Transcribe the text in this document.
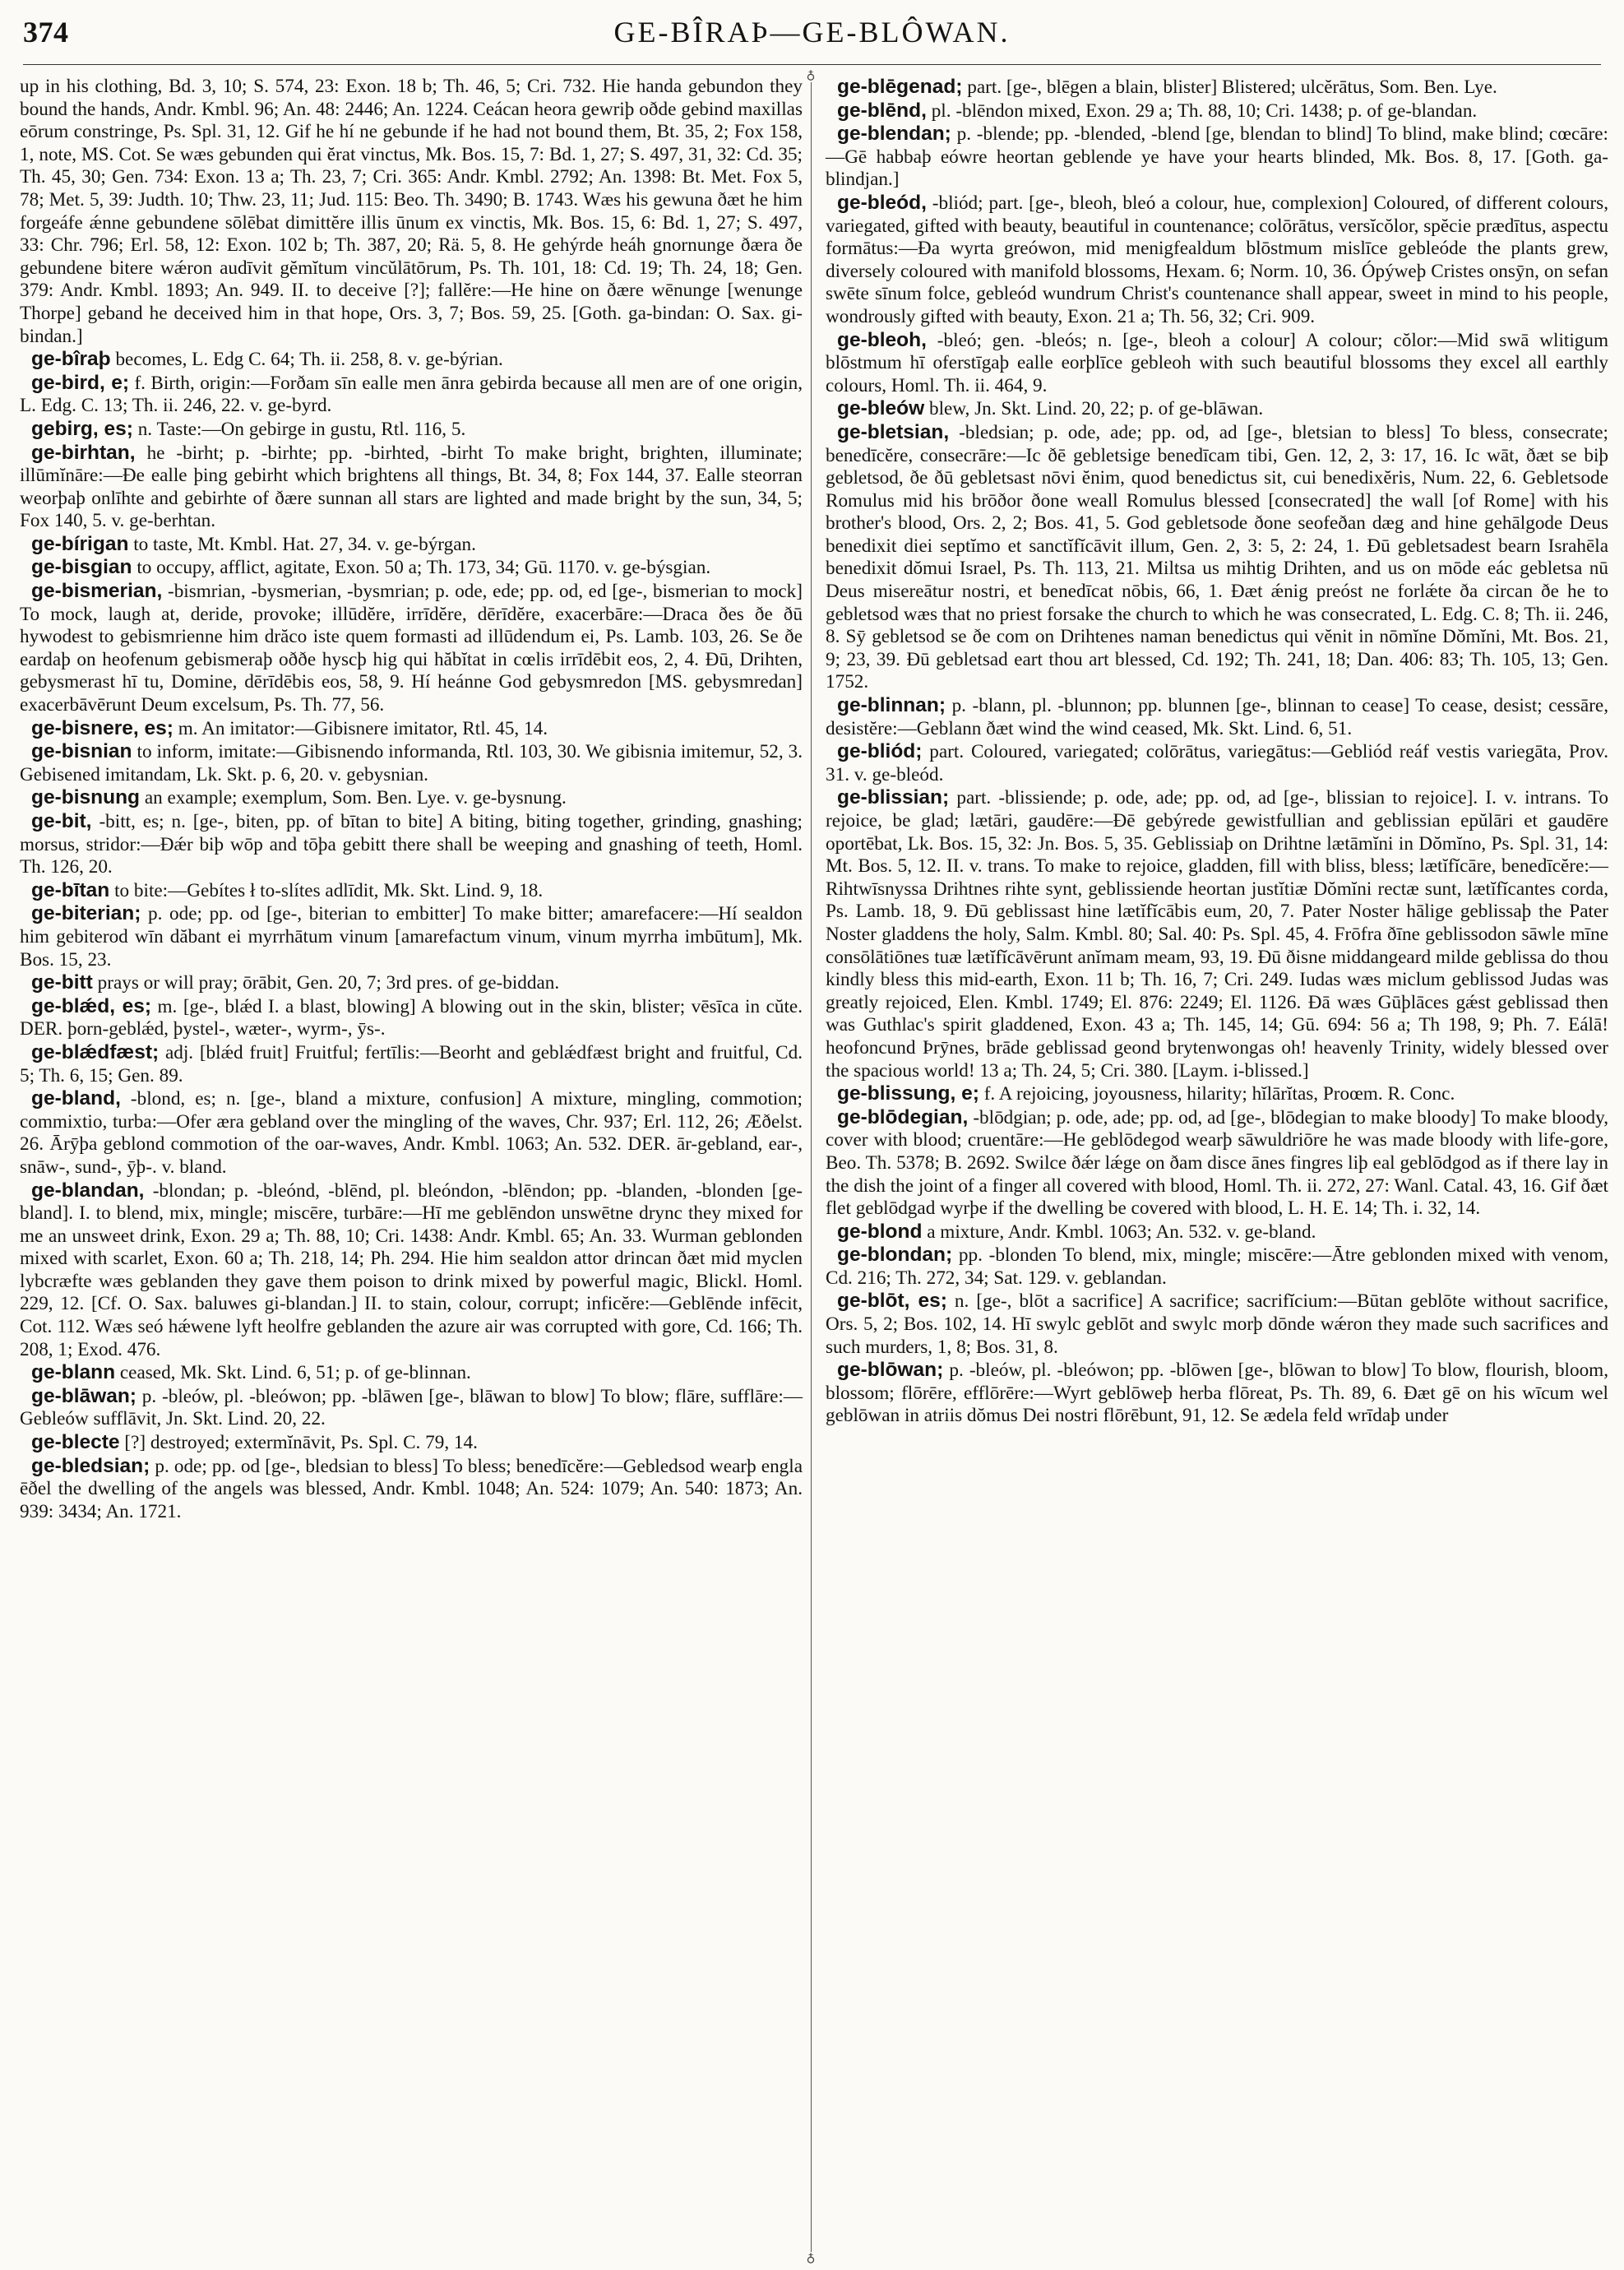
374	GE-BÎRAÞ—GE-BLÔWAN.
♁
♁

up in his clothing, Bd. 3, 10; S. 574, 23: Exon. 18 b; Th. 46, 5; Cri. 732. Hie handa gebundon they bound the hands, Andr. Kmbl. 96; An. 48: 2446; An. 1224. Ceácan heora gewriþ oðde gebind maxillas eōrum constringe, Ps. Spl. 31, 12. Gif he hí ne gebunde if he had not bound them, Bt. 35, 2; Fox 158, 1, note, MS. Cot. Se wæs gebunden qui ĕrat vinctus, Mk. Bos. 15, 7: Bd. 1, 27; S. 497, 31, 32: Cd. 35; Th. 45, 30; Gen. 734: Exon. 13 a; Th. 23, 7; Cri. 365: Andr. Kmbl. 2792; An. 1398: Bt. Met. Fox 5, 78; Met. 5, 39: Judth. 10; Thw. 23, 11; Jud. 115: Beo. Th. 3490; B. 1743. Wæs his gewuna ðæt he him forgeáfe ǽnne gebundene sōlēbat dimittĕre illis ūnum ex vinctis, Mk. Bos. 15, 6: Bd. 1, 27; S. 497, 33: Chr. 796; Erl. 58, 12: Exon. 102 b; Th. 387, 20; Rä. 5, 8. He gehýrde heáh gnornunge ðæra ðe gebundene bitere wǽron audīvit gĕmĭtum vincŭlātōrum, Ps. Th. 101, 18: Cd. 19; Th. 24, 18; Gen. 379: Andr. Kmbl. 1893; An. 949. II. to deceive [?]; fallĕre:—He hine on ðære wēnunge [wenunge Thorpe] geband he deceived him in that hope, Ors. 3, 7; Bos. 59, 25. [Goth. ga-bindan: O. Sax. gi-bindan.]

ge-bîraþ becomes, L. Edg C. 64; Th. ii. 258, 8. v. ge-býrian.

ge-bird, e; f. Birth, origin:—Forðam sīn ealle men ānra gebirda because all men are of one origin, L. Edg. C. 13; Th. ii. 246, 22. v. ge-byrd.

gebirg, es; n. Taste:—On gebirge in gustu, Rtl. 116, 5.

ge-birhtan, he -birht; p. -birhte; pp. -birhted, -birht To make bright, brighten, illuminate; illūmĭnāre:—Ðe ealle þing gebirht which brightens all things, Bt. 34, 8; Fox 144, 37. Ealle steorran weorþaþ onlīhte and gebirhte of ðære sunnan all stars are lighted and made bright by the sun, 34, 5; Fox 140, 5. v. ge-berhtan.

ge-bírigan to taste, Mt. Kmbl. Hat. 27, 34. v. ge-býrgan.

ge-bisgian to occupy, afflict, agitate, Exon. 50 a; Th. 173, 34; Gū. 1170. v. ge-býsgian.

ge-bismerian, -bismrian, -bysmerian, -bysmrian; p. ode, ede; pp. od, ed [ge-, bismerian to mock] To mock, laugh at, deride, provoke; illūdĕre, irrīdĕre, dērīdĕre, exacerbāre:—Draca ðes ðe ðū hywodest to gebismrienne him drăco iste quem formasti ad illūdendum ei, Ps. Lamb. 103, 26. Se ðe eardaþ on heofenum gebismeraþ oððe hyscþ hig qui hăbĭtat in cœlis irrīdēbit eos, 2, 4. Ðū, Drihten, gebysmerast hī tu, Domine, dērīdēbis eos, 58, 9. Hí heánne God gebysmredon [MS. gebysmredan] exacerbāvērunt Deum excelsum, Ps. Th. 77, 56.

ge-bisnere, es; m. An imitator:—Gibisnere imitator, Rtl. 45, 14.

ge-bisnian to inform, imitate:—Gibisnendo informanda, Rtl. 103, 30. We gibisnia imitemur, 52, 3. Gebisened imitandam, Lk. Skt. p. 6, 20. v. gebysnian.

ge-bisnung an example; exemplum, Som. Ben. Lye. v. ge-bysnung.

ge-bit, -bitt, es; n. [ge-, biten, pp. of bītan to bite] A biting, biting together, grinding, gnashing; morsus, stridor:—Ðǽr biþ wōp and tōþa gebitt there shall be weeping and gnashing of teeth, Homl. Th. 126, 20.

ge-bītan to bite:—Gebítes ł to-slítes adlīdit, Mk. Skt. Lind. 9, 18.

ge-biterian; p. ode; pp. od [ge-, biterian to embitter] To make bitter; amarefacere:—Hí sealdon him gebiterod wīn dăbant ei myrrhātum vinum [amarefactum vinum, vinum myrrha imbūtum], Mk. Bos. 15, 23.

ge-bitt prays or will pray; ōrābit, Gen. 20, 7; 3rd pres. of ge-biddan.

ge-blǽd, es; m. [ge-, blǽd I. a blast, blowing] A blowing out in the skin, blister; vēsīca in cŭte. DER. þorn-geblǽd, þystel-, wæter-, wyrm-, ȳs-.

ge-blǽdfæst; adj. [blǽd fruit] Fruitful; fertīlis:—Beorht and geblǽdfæst bright and fruitful, Cd. 5; Th. 6, 15; Gen. 89.

ge-bland, -blond, es; n. [ge-, bland a mixture, confusion] A mixture, mingling, commotion; commixtio, turba:—Ofer æra gebland over the mingling of the waves, Chr. 937; Erl. 112, 26; Æðelst. 26. Ārȳþa geblond commotion of the oar-waves, Andr. Kmbl. 1063; An. 532. DER. ār-gebland, ear-, snāw-, sund-, ȳþ-. v. bland.

ge-blandan, -blondan; p. -bleónd, -blēnd, pl. bleóndon, -blēndon; pp. -blanden, -blonden [ge-bland]. I. to blend, mix, mingle; miscēre, turbāre:—Hī me geblēndon unswētne drync they mixed for me an unsweet drink, Exon. 29 a; Th. 88, 10; Cri. 1438: Andr. Kmbl. 65; An. 33. Wurman geblonden mixed with scarlet, Exon. 60 a; Th. 218, 14; Ph. 294. Hie him sealdon attor drincan ðæt mid myclen lybcræfte wæs geblanden they gave them poison to drink mixed by powerful magic, Blickl. Homl. 229, 12. [Cf. O. Sax. baluwes gi-blandan.] II. to stain, colour, corrupt; inficĕre:—Geblēnde infēcit, Cot. 112. Wæs seó hǽwene lyft heolfre geblanden the azure air was corrupted with gore, Cd. 166; Th. 208, 1; Exod. 476.

ge-blann ceased, Mk. Skt. Lind. 6, 51; p. of ge-blinnan.

ge-blāwan; p. -bleów, pl. -bleówon; pp. -blāwen [ge-, blāwan to blow] To blow; flāre, sufflāre:—Gebleów sufflāvit, Jn. Skt. Lind. 20, 22.

ge-blecte [?] destroyed; extermĭnāvit, Ps. Spl. C. 79, 14.

ge-bledsian; p. ode; pp. od [ge-, bledsian to bless] To bless; benedīcĕre:—Gebledsod wearþ engla ēðel the dwelling of the angels was blessed, Andr. Kmbl. 1048; An. 524: 1079; An. 540: 1873; An. 939: 3434; An. 1721.

ge-blēgenad; part. [ge-, blēgen a blain, blister] Blistered; ulcĕrātus, Som. Ben. Lye.

ge-blēnd, pl. -blēndon mixed, Exon. 29 a; Th. 88, 10; Cri. 1438; p. of ge-blandan.

ge-blendan; p. -blende; pp. -blended, -blend [ge, blendan to blind] To blind, make blind; cœcāre:—Gē habbaþ eówre heortan geblende ye have your hearts blinded, Mk. Bos. 8, 17. [Goth. ga-blindjan.]

ge-bleód, -bliód; part. [ge-, bleoh, bleó a colour, hue, complexion] Coloured, of different colours, variegated, gifted with beauty, beautiful in countenance; colōrātus, versĭcŏlor, spĕcie prædītus, aspectu formātus:—Ða wyrta greówon, mid menigfealdum blōstmum mislīce gebleóde the plants grew, diversely coloured with manifold blossoms, Hexam. 6; Norm. 10, 36. Ópýweþ Cristes onsȳn, on sefan swēte sīnum folce, gebleód wundrum Christ's countenance shall appear, sweet in mind to his people, wondrously gifted with beauty, Exon. 21 a; Th. 56, 32; Cri. 909.

ge-bleoh, -bleó; gen. -bleós; n. [ge-, bleoh a colour] A colour; cŏlor:—Mid swā wlitigum blōstmum hī oferstīgaþ ealle eorþlīce gebleoh with such beautiful blossoms they excel all earthly colours, Homl. Th. ii. 464, 9.

ge-bleów blew, Jn. Skt. Lind. 20, 22; p. of ge-blāwan.

ge-bletsian, -bledsian; p. ode, ade; pp. od, ad [ge-, bletsian to bless] To bless, consecrate; benedīcĕre, consecrāre:—Ic ðē gebletsige benedīcam tibi, Gen. 12, 2, 3: 17, 16. Ic wāt, ðæt se biþ gebletsod, ðe ðū gebletsast nōvi ĕnim, quod benedictus sit, cui benedixĕris, Num. 22, 6. Gebletsode Romulus mid his brōðor ðone weall Romulus blessed [consecrated] the wall [of Rome] with his brother's blood, Ors. 2, 2; Bos. 41, 5. God gebletsode ðone seofeðan dæg and hine gehālgode Deus benedixit diei septĭmo et sanctĭfĭcāvit illum, Gen. 2, 3: 5, 2: 24, 1. Ðū gebletsadest bearn Israhēla benedixit dŏmui Israel, Ps. Th. 113, 21. Miltsa us mihtig Drihten, and us on mōde eác gebletsa nū Deus misereātur nostri, et benedīcat nōbis, 66, 1. Ðæt ǽnig preóst ne forlǽte ða circan ðe he to gebletsod wæs that no priest forsake the church to which he was consecrated, L. Edg. C. 8; Th. ii. 246, 8. Sȳ gebletsod se ðe com on Drihtenes naman benedictus qui vĕnit in nōmĭne Dŏmĭni, Mt. Bos. 21, 9; 23, 39. Ðū gebletsad eart thou art blessed, Cd. 192; Th. 241, 18; Dan. 406: 83; Th. 105, 13; Gen. 1752.

ge-blinnan; p. -blann, pl. -blunnon; pp. blunnen [ge-, blinnan to cease] To cease, desist; cessāre, desistĕre:—Geblann ðæt wind the wind ceased, Mk. Skt. Lind. 6, 51.

ge-bliód; part. Coloured, variegated; colōrātus, variegātus:—Gebliód reáf vestis variegāta, Prov. 31. v. ge-bleód.

ge-blissian; part. -blissiende; p. ode, ade; pp. od, ad [ge-, blissian to rejoice]. I. v. intrans. To rejoice, be glad; lætāri, gaudēre:—Ðē gebýrede gewistfullian and geblissian epŭlāri et gaudēre oportēbat, Lk. Bos. 15, 32: Jn. Bos. 5, 35. Geblissiaþ on Drihtne lætāmĭni in Dŏmĭno, Ps. Spl. 31, 14: Mt. Bos. 5, 12. II. v. trans. To make to rejoice, gladden, fill with bliss, bless; lætĭfĭcāre, benedīcĕre:—Rihtwīsnyssa Drihtnes rihte synt, geblissiende heortan justĭtiæ Dŏmĭni rectæ sunt, lætĭfĭcantes corda, Ps. Lamb. 18, 9. Ðū geblissast hine lætĭfĭcābis eum, 20, 7. Pater Noster hālige geblissaþ the Pater Noster gladdens the holy, Salm. Kmbl. 80; Sal. 40: Ps. Spl. 45, 4. Frōfra ðīne geblissodon sāwle mīne consōlātiōnes tuæ lætĭfĭcāvērunt anĭmam meam, 93, 19. Ðū ðisne middangeard milde geblissa do thou kindly bless this mid-earth, Exon. 11 b; Th. 16, 7; Cri. 249. Iudas wæs miclum geblissod Judas was greatly rejoiced, Elen. Kmbl. 1749; El. 876: 2249; El. 1126. Ðā wæs Gūþlāces gǽst geblissad then was Guthlac's spirit gladdened, Exon. 43 a; Th. 145, 14; Gū. 694: 56 a; Th 198, 9; Ph. 7. Eálā! heofoncund Þrȳnes, brāde geblissad geond brytenwongas oh! heavenly Trinity, widely blessed over the spacious world! 13 a; Th. 24, 5; Cri. 380. [Laym. i-blissed.]

ge-blissung, e; f. A rejoicing, joyousness, hilarity; hĭlārĭtas, Proœm. R. Conc.

ge-blōdegian, -blōdgian; p. ode, ade; pp. od, ad [ge-, blōdegian to make bloody] To make bloody, cover with blood; cruentāre:—He geblōdegod wearþ sāwuldriōre he was made bloody with life-gore, Beo. Th. 5378; B. 2692. Swilce ðǽr lǽge on ðam disce ānes fingres liþ eal geblōdgod as if there lay in the dish the joint of a finger all covered with blood, Homl. Th. ii. 272, 27: Wanl. Catal. 43, 16. Gif ðæt flet geblōdgad wyrþe if the dwelling be covered with blood, L. H. E. 14; Th. i. 32, 14.

ge-blond a mixture, Andr. Kmbl. 1063; An. 532. v. ge-bland.

ge-blondan; pp. -blonden To blend, mix, mingle; miscēre:—Ātre geblonden mixed with venom, Cd. 216; Th. 272, 34; Sat. 129. v. geblandan.

ge-blōt, es; n. [ge-, blōt a sacrifice] A sacrifice; sacrifĭcium:—Būtan geblōte without sacrifice, Ors. 5, 2; Bos. 102, 14. Hī swylc geblōt and swylc morþ dōnde wǽron they made such sacrifices and such murders, 1, 8; Bos. 31, 8.

ge-blōwan; p. -bleów, pl. -bleówon; pp. -blōwen [ge-, blōwan to blow] To blow, flourish, bloom, blossom; flōrēre, efflōrēre:—Wyrt geblōweþ herba flōreat, Ps. Th. 89, 6. Ðæt gē on his wīcum wel geblōwan in atriis dŏmus Dei nostri flōrēbunt, 91, 12. Se ædela feld wrīdaþ under
